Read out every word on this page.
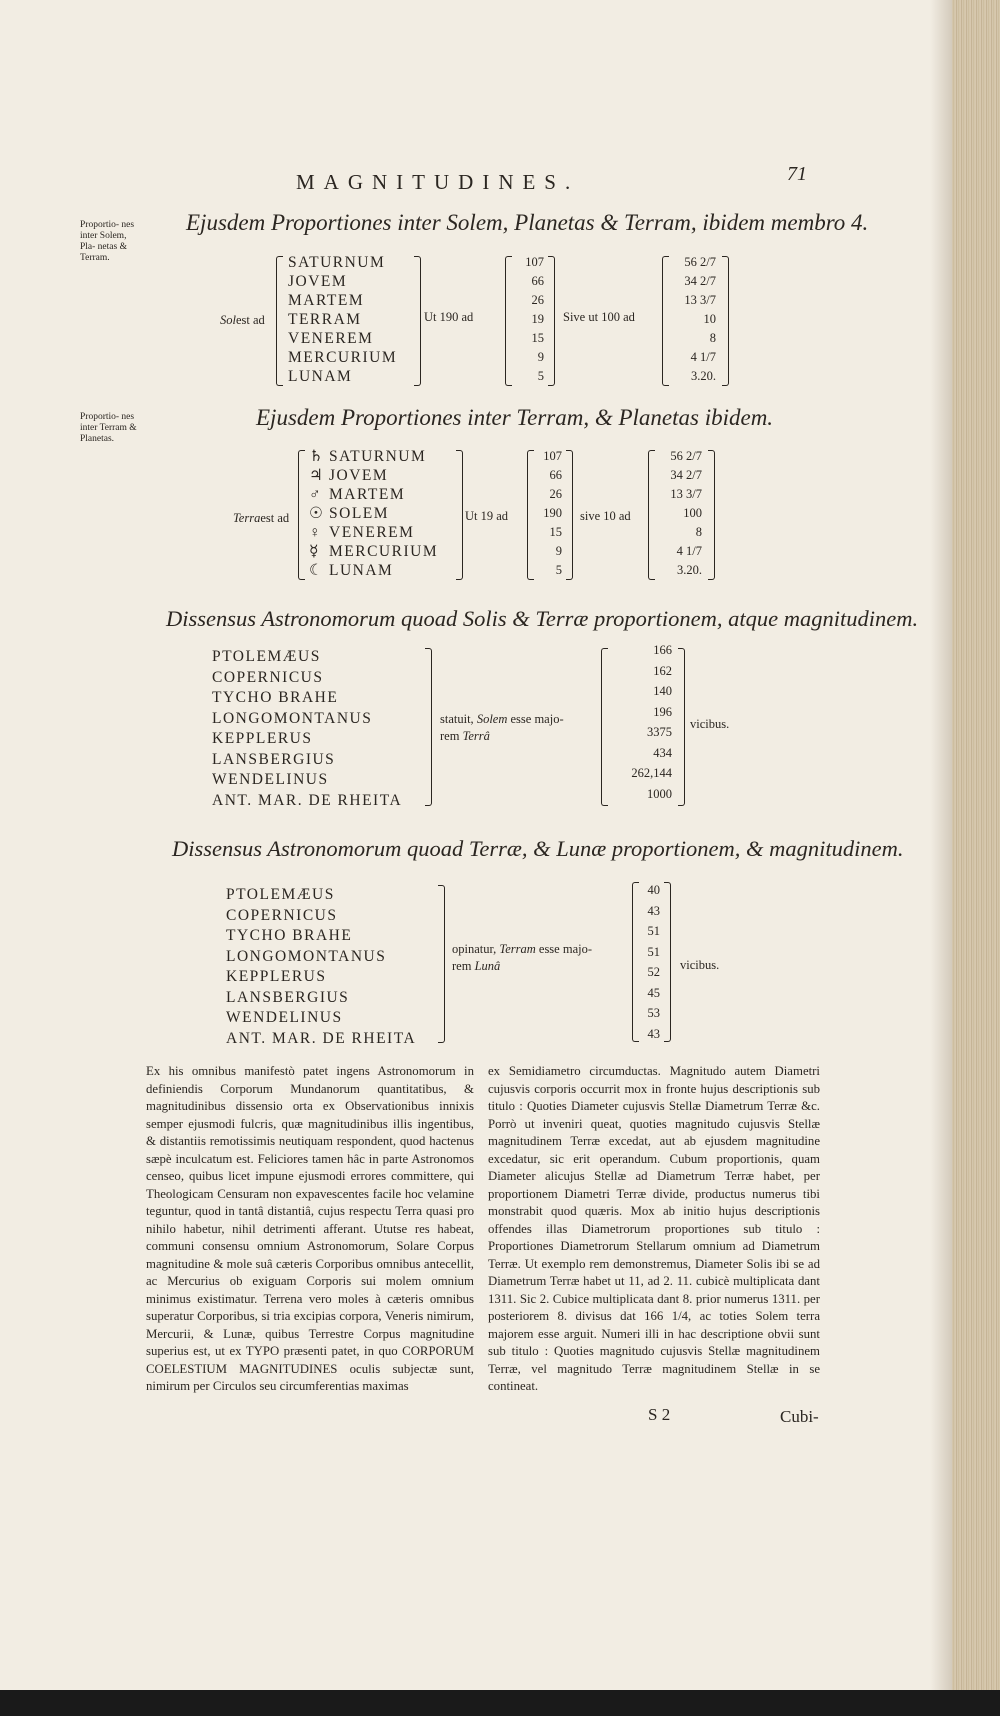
MAGNITUDINES.	71
Proportio- nes inter Solem, Pla- netas & Terram.
Proportio- nes inter Terram & Planetas.
Ejusdem Proportiones inter Solem, Planetas & Terram, ibidem membro 4.
Solest ad
SATURNUM
JOVEM
MARTEM
TERRAM
VENEREM
MERCURIUM
LUNAM
Ut 190 ad
107
66
26
19
15
9
5
Sive ut 100 ad
56 2/7
34 2/7
13 3/7
10
8
4 1/7
3.20.
Ejusdem Proportiones inter Terram, & Planetas ibidem.
Terraest ad
♄ SATURNUM
♃ JOVEM
♂ MARTEM
☉ SOLEM
♀ VENEREM
☿ MERCURIUM
☾ LUNAM
Ut 19 ad
107
66
26
190
15
9
5
sive 10 ad
56 2/7
34 2/7
13 3/7
100
8
4 1/7
3.20.
Dissensus Astronomorum quoad Solis & Terræ proportionem, atque magnitudinem.
PTOLEMÆUS
COPERNICUS
TYCHO BRAHE
LONGOMONTANUS
KEPPLERUS
LANSBERGIUS
WENDELINUS
ANT. MAR. DE RHEITA
statuit, Solem esse majo-
rem Terrâ
166
162
140
196
3375
434
262,144
1000
vicibus.
Dissensus Astronomorum quoad Terræ, & Lunæ proportionem, & magnitudinem.
PTOLEMÆUS
COPERNICUS
TYCHO BRAHE
LONGOMONTANUS
KEPPLERUS
LANSBERGIUS
WENDELINUS
ANT. MAR. DE RHEITA
opinatur, Terram esse majo-
rem Lunâ
40
43
51
51
52
45
53
43
vicibus.
Ex his omnibus manifestò patet ingens Astronomorum in definiendis Corporum Mundanorum quantitatibus, & magnitudinibus dissensio orta ex Observationibus innixis semper ejusmodi fulcris, quæ magnitudinibus illis ingentibus, & distantiis remotissimis neutiquam respondent, quod hactenus sæpè inculcatum est. Feliciores tamen hâc in parte Astronomos censeo, quibus licet impune ejusmodi errores committere, qui Theologicam Censuram non expavescentes facile hoc velamine teguntur, quod in tantâ distantiâ, cujus respectu Terra quasi pro nihilo habetur, nihil detrimenti afferant. Ututse res habeat, communi consensu omnium Astronomorum, Solare Corpus magnitudine & mole suâ cæteris Corporibus omnibus antecellit, ac Mercurius ob exiguam Corporis sui molem omnium minimus existimatur. Terrena vero moles à cæteris omnibus superatur Corporibus, si tria excipias corpora, Veneris nimirum, Mercurii, & Lunæ, quibus Terrestre Corpus magnitudine superius est, ut ex TYPO præsenti patet, in quo CORPORUM COELESTIUM MAGNITUDINES oculis subjectæ sunt, nimirum per Circulos seu circumferentias maximas
ex Semidiametro circumductas. Magnitudo autem Diametri cujusvis corporis occurrit mox in fronte hujus descriptionis sub titulo : Quoties Diameter cujusvis Stellæ Diametrum Terræ &c. Porrò ut inveniri queat, quoties magnitudo cujusvis Stellæ magnitudinem Terræ excedat, aut ab ejusdem magnitudine excedatur, sic erit operandum. Cubum proportionis, quam Diameter alicujus Stellæ ad Diametrum Terræ habet, per proportionem Diametri Terræ divide, productus numerus tibi monstrabit quod quæris. Mox ab initio hujus descriptionis offendes illas Diametrorum proportiones sub titulo : Proportiones Diametrorum Stellarum omnium ad Diametrum Terræ. Ut exemplo rem demonstremus, Diameter Solis ibi se ad Diametrum Terræ habet ut 11, ad 2. 11. cubicè multiplicata dant 1311. Sic 2. Cubice multiplicata dant 8. prior numerus 1311. per posteriorem 8. divisus dat 166 1/4, ac toties Solem terra majorem esse arguit. Numeri illi in hac descriptione obvii sunt sub titulo : Quoties magnitudo cujusvis Stellæ magnitudinem Terræ, vel magnitudo Terræ magnitudinem Stellæ in se contineat.
S 2	Cubi-
